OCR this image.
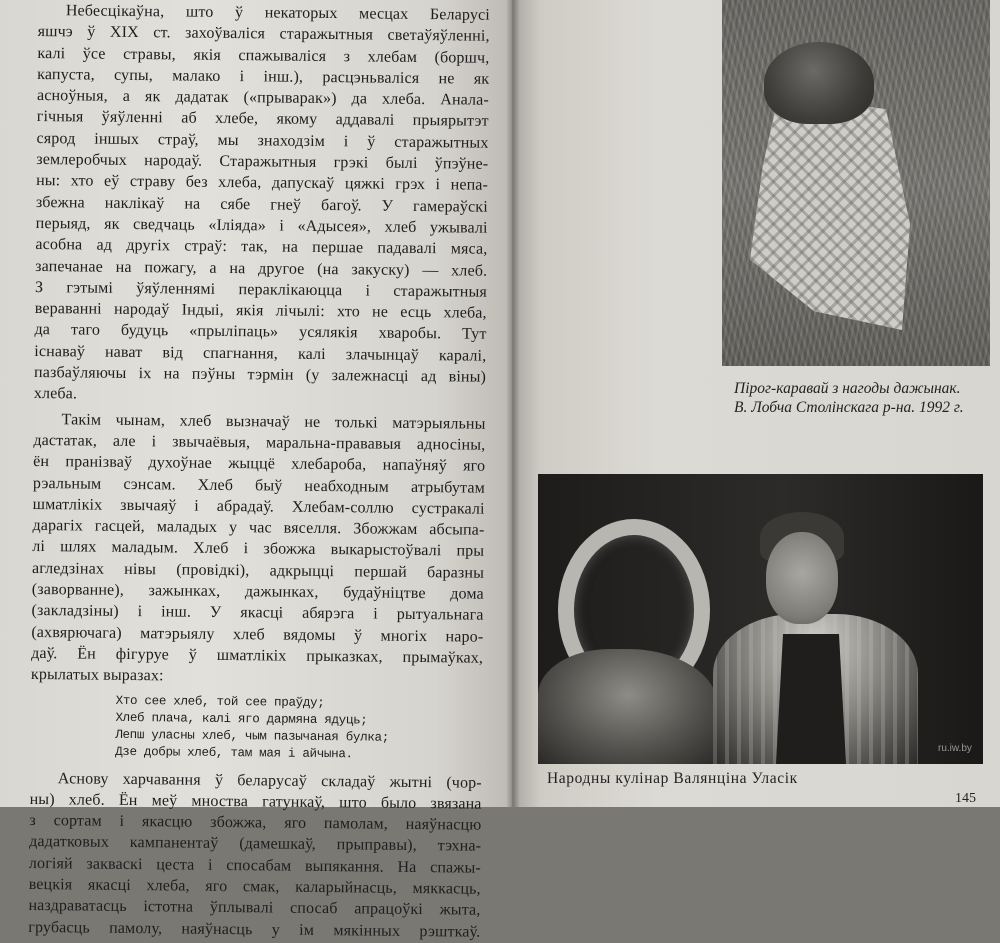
Небесцікаўна, што ў некаторых месцах Беларусі
яшчэ ў XIX ст. захоўваліся старажытныя светаўяўленні,
калі ўсе стравы, якія спажываліся з хлебам (боршч,
капуста, супы, малако і інш.), расцэньваліся не як
асноўныя, а як дадатак («прыварак») да хлеба. Анала-
гічныя ўяўленні аб хлебе, якому аддавалі прыярытэт
сярод іншых страў, мы знаходзім і ў старажытных
землеробчых народаў. Старажытныя грэкі былі ўпэўне-
ны: хто еў страву без хлеба, дапускаў цяжкі грэх і непа-
збежна наклікаў на сябе гнеў багоў. У гамераўскі
перыяд, як сведчаць «Іліяда» і «Адысея», хлеб ужывалі
асобна ад другіх страў: так, на першае падавалі мяса,
запечанае на пожагу, а на другое (на закуску) — хлеб.
З гэтымі ўяўленнямі пераклікаюцца і старажытныя
вераванні народаў Індыі, якія лічылі: хто не есць хлеба,
да таго будуць «прыліпаць» усялякія хваробы. Тут
існаваў нават від спагнання, калі злачынцаў каралі,
пазбаўляючы іх на пэўны тэрмін (у залежнасці ад віны)
хлеба.
Такім чынам, хлеб вызначаў не толькі матэрыяльны
дастатак, але і звычаёвыя, маральна-прававыя адносіны,
ён пранізваў духоўнае жыццё хлебароба, напаўняў яго
рэальным сэнсам. Хлеб быў неабходным атрыбутам
шматлікіх звычаяў і абрадаў. Хлебам-соллю сустракалі
дарагіх гасцей, маладых у час вяселля. Збожжам абсыпа-
лі шлях маладым. Хлеб і збожжа выкарыстоўвалі пры
агледзінах нівы (провідкі), адкрыцці першай баразны
(заворванне), зажынках, дажынках, будаўніцтве дома
(закладзіны) і інш. У якасці абярэга і рытуальнага
(ахвярючага) матэрыялу хлеб вядомы ў многіх наро-
даў. Ён фігуруе ў шматлікіх прыказках, прымаўках,
крылатых выразах:
Хто сее хлеб, той сее праўду;
Хлеб плача, калі яго дармяна ядуць;
Лепш уласны хлеб, чым пазычаная булка;
Дзе добры хлеб, там мая і айчына.
Аснову харчавання ў беларусаў складаў жытні (чор-
ны) хлеб. Ён меў мноства гатункаў, што было звязана
з сортам і якасцю збожжа, яго памолам, наяўнасцю
дадатковых кампанентаў (дамешкаў, прыправы), тэхна-
логіяй закваскі цеста і спосабам выпякання. На спажы-
вецкія якасці хлеба, яго смак, каларыйнасць, мяккасць,
наздраватасць істотна ўплывалі спосаб апрацоўкі жыта,
грубасць памолу, наяўнасць у ім мякінных рэшткаў.
Пірог-каравай з нагоды дажынак.
В. Лобча Столінскага р-на. 1992 г.
Народны кулінар Валянціна Уласік
145
ru.iw.by
